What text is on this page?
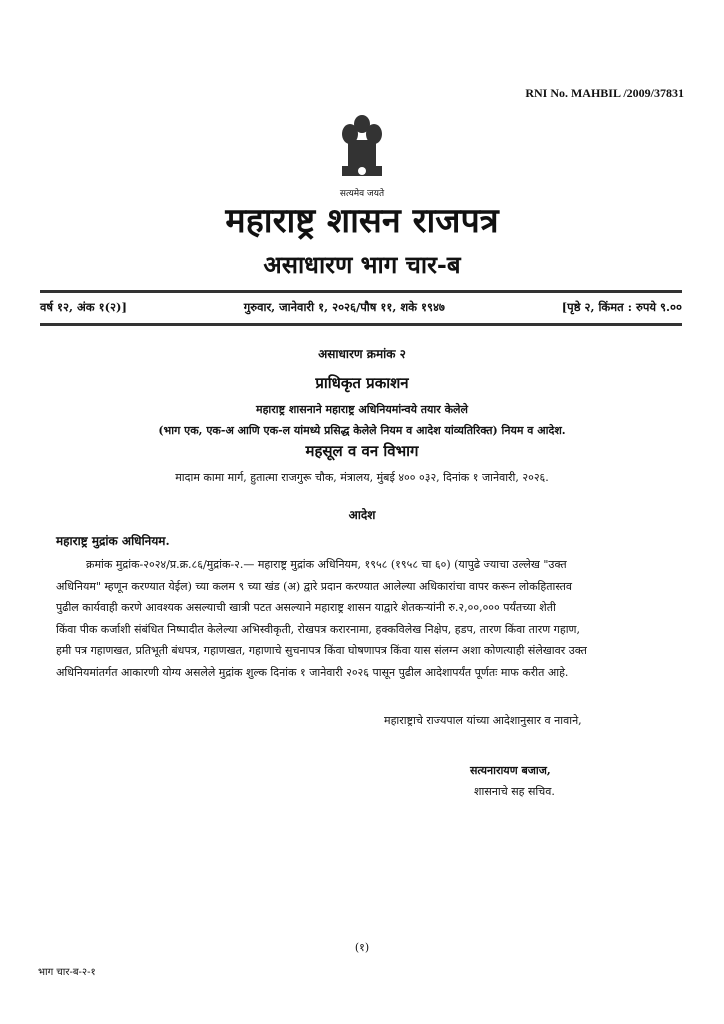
RNI No. MAHBIL /2009/37831
सत्यमेव जयते
महाराष्ट्र शासन राजपत्र
असाधारण भाग चार-ब
वर्ष १२, अंक १(२)]	गुरुवार, जानेवारी १, २०२६/पौष ११, शके १९४७	[पृष्ठे २, किंमत : रुपये ९.००
असाधारण क्रमांक २
प्राधिकृत प्रकाशन
महाराष्ट्र शासनाने महाराष्ट्र अधिनियमांन्वये तयार केलेले
(भाग एक, एक-अ आणि एक-ल यांमध्ये प्रसिद्ध केलेले नियम व आदेश यांव्यतिरिक्त) नियम व आदेश.
महसूल व वन विभाग
मादाम कामा मार्ग, हुतात्मा राजगुरू चौक, मंत्रालय, मुंबई ४०० ०३२, दिनांक १ जानेवारी, २०२६.
आदेश
महाराष्ट्र मुद्रांक अधिनियम.
क्रमांक मुद्रांक-२०२४/प्र.क्र.८६/मुद्रांक-२.— महाराष्ट्र मुद्रांक अधिनियम, १९५८ (१९५८ चा ६०) (यापुढे ज्याचा उल्लेख "उक्त
अधिनियम" म्हणून करण्यात येईल) च्या कलम ९ च्या खंड (अ) द्वारे प्रदान करण्यात आलेल्या अधिकारांचा वापर करून लोकहितास्तव
पुढील कार्यवाही करणे आवश्यक असल्याची खात्री पटत असल्याने महाराष्ट्र शासन याद्वारे शेतकऱ्यांनी रु.२,००,००० पर्यंतच्या शेती
किंवा पीक कर्जाशी संबंधित निष्पादीत केलेल्या अभिस्वीकृती, रोखपत्र करारनामा, हक्कविलेख निक्षेप, हडप, तारण किंवा तारण गहाण,
हमी पत्र गहाणखत, प्रतिभूती बंधपत्र, गहाणखत, गहाणाचे सुचनापत्र किंवा घोषणापत्र किंवा यास संलग्न अशा कोणत्याही संलेखावर उक्त
अधिनियमांतर्गत आकारणी योग्य असलेले मुद्रांक शुल्क दिनांक १ जानेवारी २०२६ पासून पुढील आदेशापर्यंत पूर्णतः माफ करीत आहे.
महाराष्ट्राचे राज्यपाल यांच्या आदेशानुसार व नावाने,
सत्यनारायण बजाज,
शासनाचे सह सचिव.
(१)
भाग चार-ब-२-१
